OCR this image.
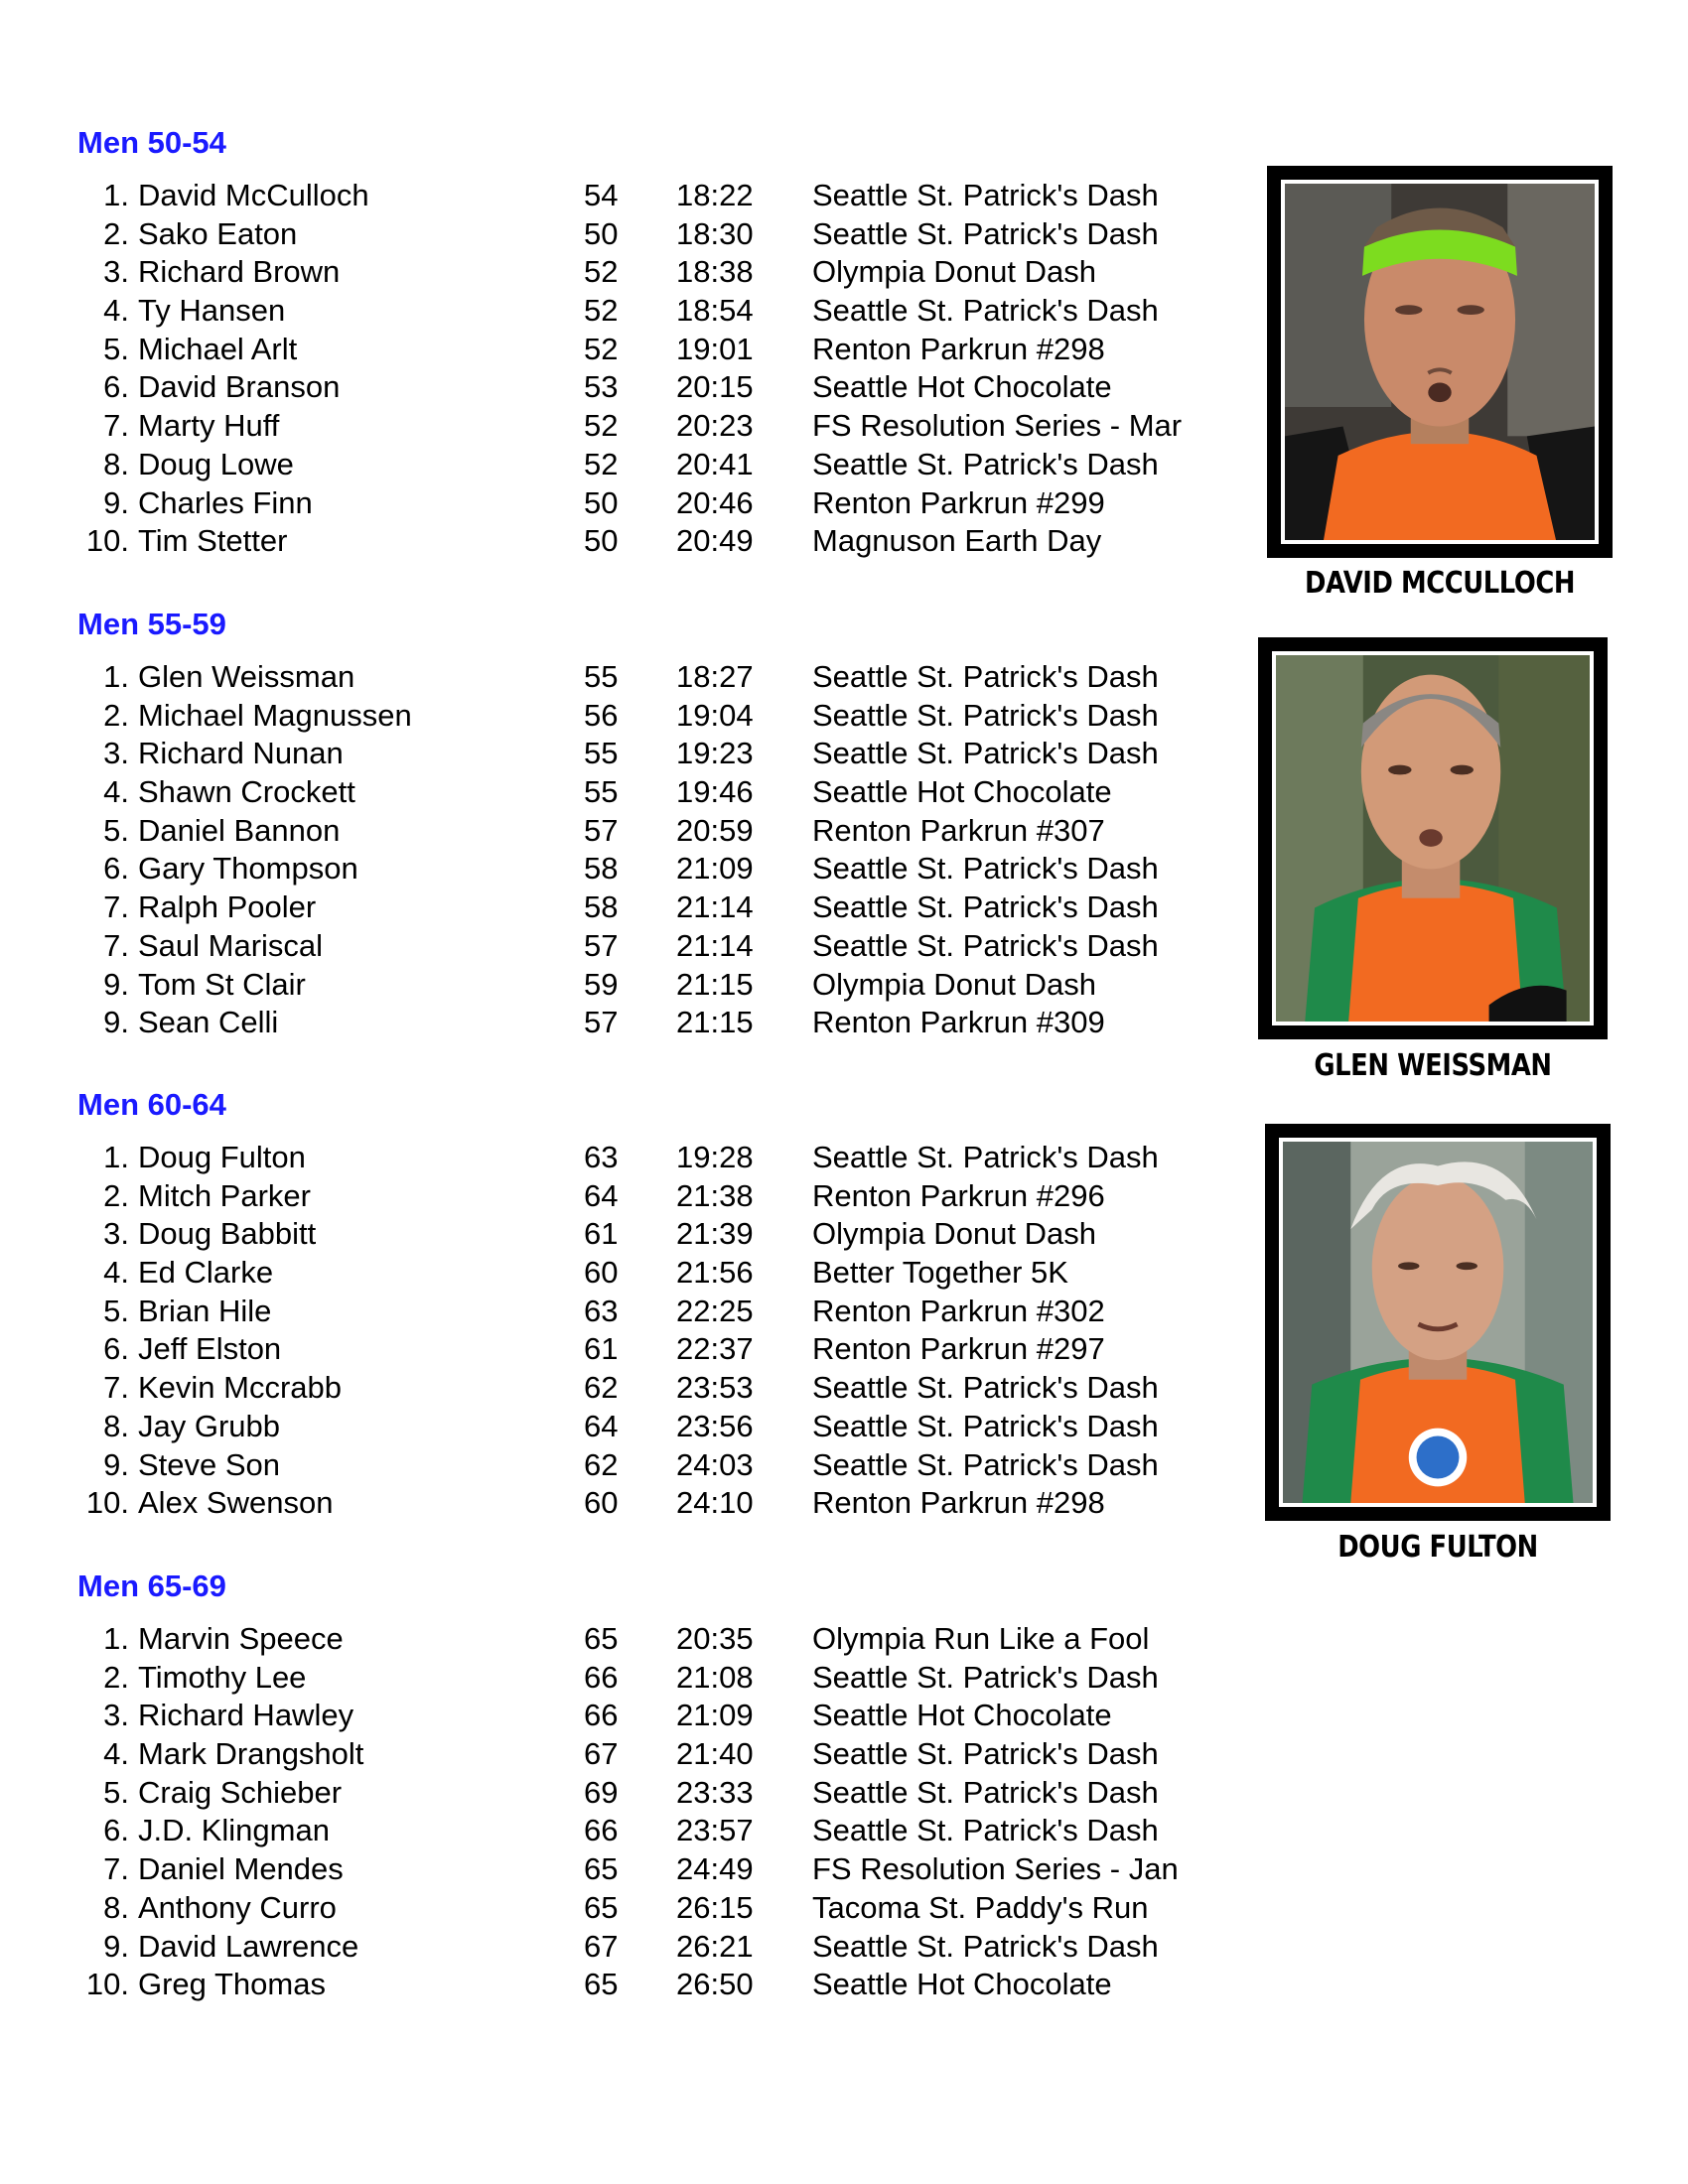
Men 50-54
1. David McCulloch	54 18:22 Seattle St. Patrick's Dash
2. Sako Eaton	50 18:30 Seattle St. Patrick's Dash
3. Richard Brown	52 18:38 Olympia Donut Dash
4. Ty Hansen	52 18:54 Seattle St. Patrick's Dash
5. Michael Arlt	52 19:01 Renton Parkrun #298
6. David Branson	53 20:15 Seattle Hot Chocolate
7. Marty Huff	52 20:23 FS Resolution Series - Mar
8. Doug Lowe	52 20:41 Seattle St. Patrick's Dash
9. Charles Finn	50 20:46 Renton Parkrun #299
10. Tim Stetter	50 20:49 Magnuson Earth Day
Men 55-59
1. Glen Weissman	55 18:27 Seattle St. Patrick's Dash
2. Michael Magnussen	56 19:04 Seattle St. Patrick's Dash
3. Richard Nunan	55 19:23 Seattle St. Patrick's Dash
4. Shawn Crockett	55 19:46 Seattle Hot Chocolate
5. Daniel Bannon	57 20:59 Renton Parkrun #307
6. Gary Thompson	58 21:09 Seattle St. Patrick's Dash
7. Ralph Pooler	58 21:14 Seattle St. Patrick's Dash
7. Saul Mariscal	57 21:14 Seattle St. Patrick's Dash
9. Tom St Clair	59 21:15 Olympia Donut Dash
9. Sean Celli	57 21:15 Renton Parkrun #309
Men 60-64
1. Doug Fulton	63 19:28 Seattle St. Patrick's Dash
2. Mitch Parker	64 21:38 Renton Parkrun #296
3. Doug Babbitt	61 21:39 Olympia Donut Dash
4. Ed Clarke	60 21:56 Better Together 5K
5. Brian Hile	63 22:25 Renton Parkrun #302
6. Jeff Elston	61 22:37 Renton Parkrun #297
7. Kevin Mccrabb	62 23:53 Seattle St. Patrick's Dash
8. Jay Grubb	64 23:56 Seattle St. Patrick's Dash
9. Steve Son	62 24:03 Seattle St. Patrick's Dash
10. Alex Swenson	60 24:10 Renton Parkrun #298
Men 65-69
1. Marvin Speece	65 20:35 Olympia Run Like a Fool
2. Timothy Lee	66 21:08 Seattle St. Patrick's Dash
3. Richard Hawley	66 21:09 Seattle Hot Chocolate
4. Mark Drangsholt	67 21:40 Seattle St. Patrick's Dash
5. Craig Schieber	69 23:33 Seattle St. Patrick's Dash
6. J.D. Klingman	66 23:57 Seattle St. Patrick's Dash
7. Daniel Mendes	65 24:49 FS Resolution Series - Jan
8. Anthony Curro	65 26:15 Tacoma St. Paddy's Run
9. David Lawrence	67 26:21 Seattle St. Patrick's Dash
10. Greg Thomas	65 26:50 Seattle Hot Chocolate
DAVID MCCULLOCH
GLEN WEISSMAN
DOUG FULTON
